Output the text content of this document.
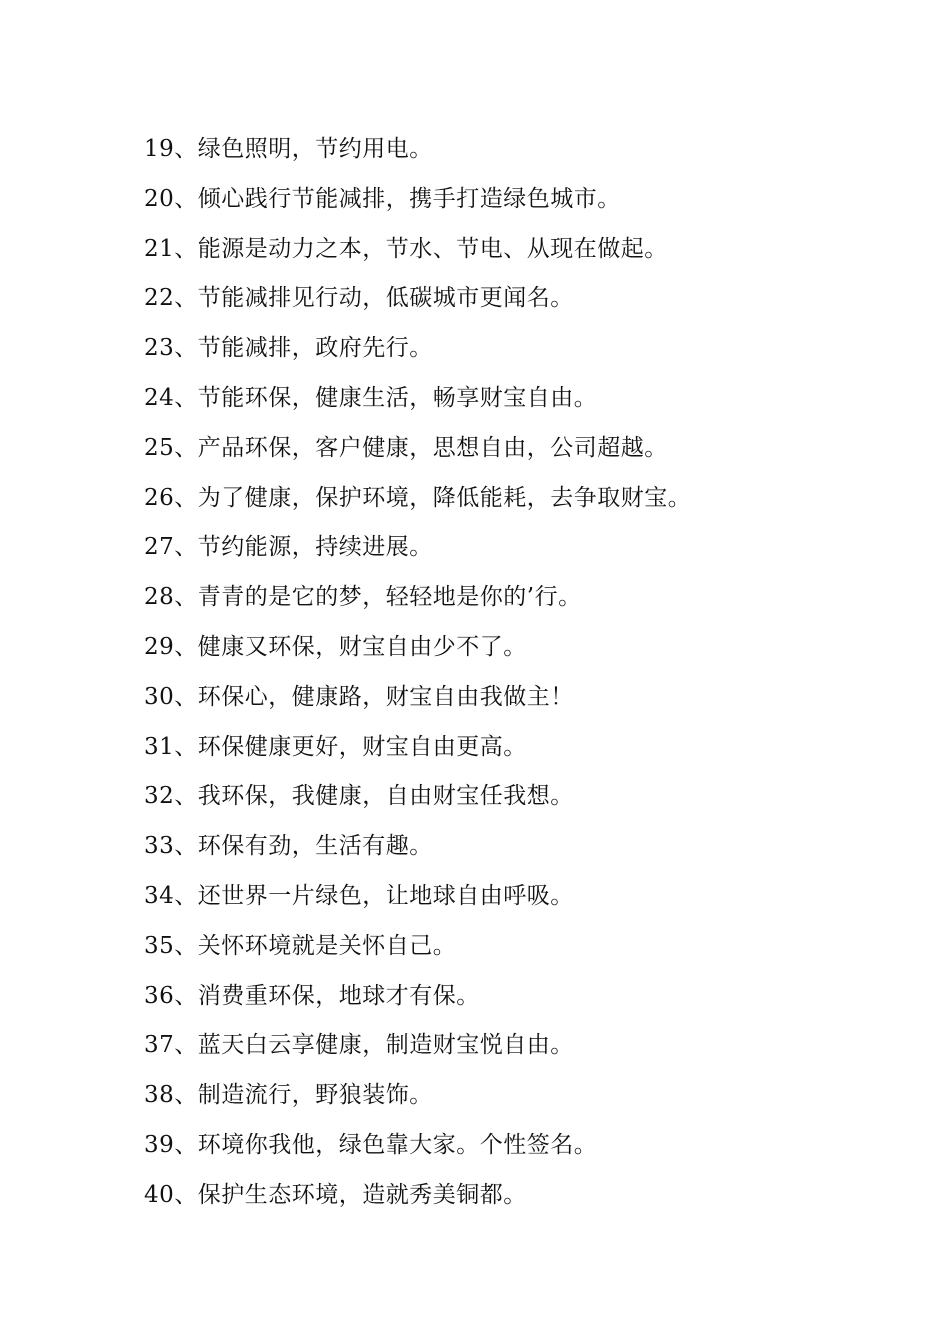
19、绿色照明，节约用电。
20、倾心践行节能减排，携手打造绿色城市。
21、能源是动力之本，节水、节电、从现在做起。
22、节能减排见行动，低碳城市更闻名。
23、节能减排，政府先行。
24、节能环保，健康生活，畅享财宝自由。
25、产品环保，客户健康，思想自由，公司超越。
26、为了健康，保护环境，降低能耗，去争取财宝。
27、节约能源，持续进展。
28、青青的是它的梦，轻轻地是你的’行。
29、健康又环保，财宝自由少不了。
30、环保心，健康路，财宝自由我做主！
31、环保健康更好，财宝自由更高。
32、我环保，我健康，自由财宝任我想。
33、环保有劲，生活有趣。
34、还世界一片绿色，让地球自由呼吸。
35、关怀环境就是关怀自己。
36、消费重环保，地球才有保。
37、蓝天白云享健康，制造财宝悦自由。
38、制造流行，野狼装饰。
39、环境你我他，绿色靠大家。个性签名。
40、保护生态环境，造就秀美铜都。
